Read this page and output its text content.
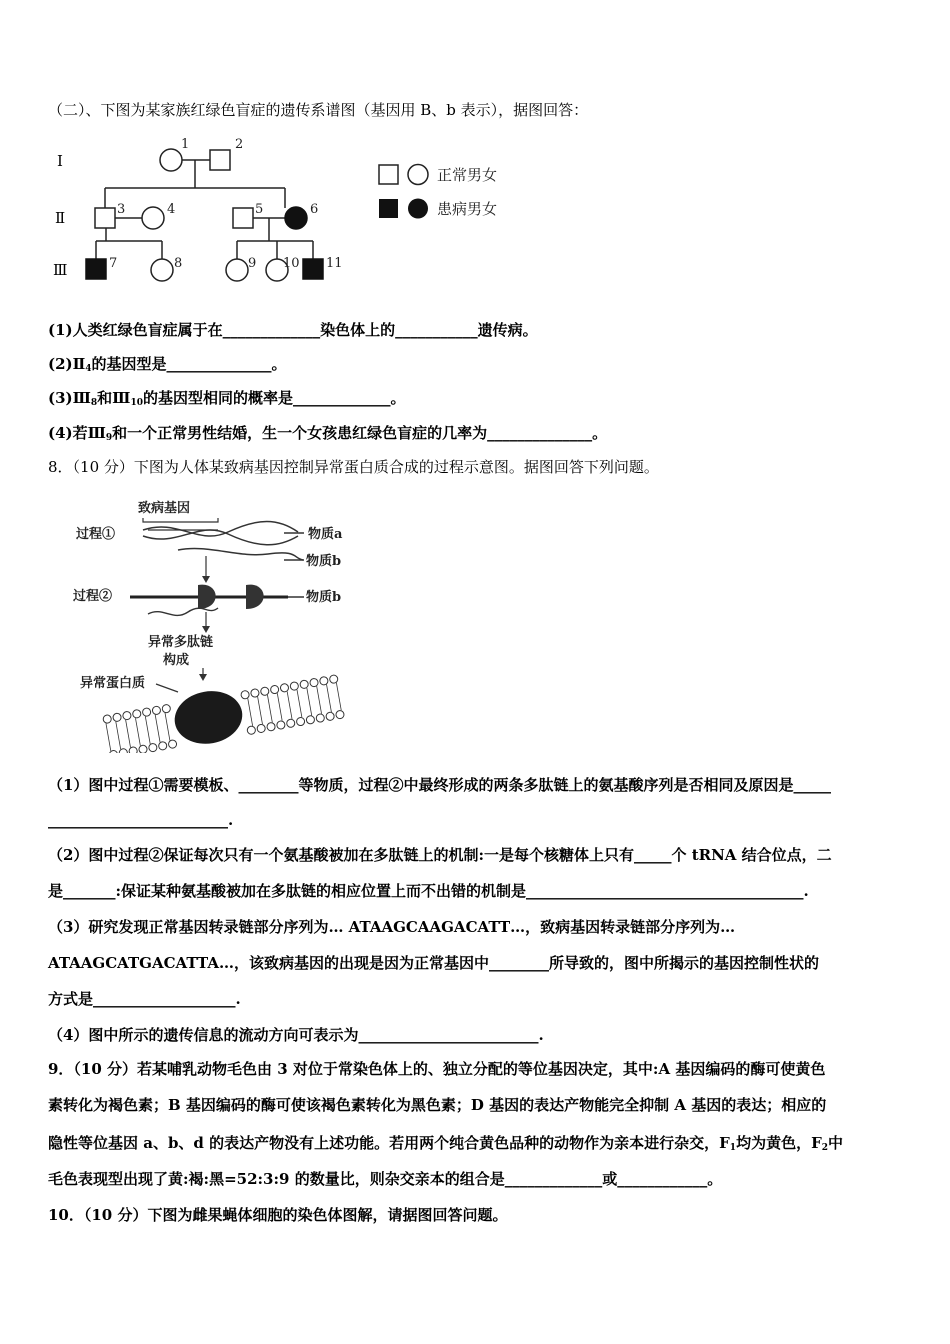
（二）、下图为某家族红绿色盲症的遗传系谱图（基因用 B、b 表示），据图回答：
Ⅰ
Ⅱ
Ⅲ
1	2
3	4	5	6
7	8	9 10 11
正常男女
患病男女
(1)人类红绿色盲症属于在_____________染色体上的___________遗传病。
$(2)Ⅱ_4$的基因型是______________。
$(3)Ⅲ_8$和$Ⅲ_{10}$的基因型相同的概率是_____________。
(4)若$Ⅲ_9$和一个正常男性结婚，生一个女孩患红绿色盲症的几率为______________。
8．（10 分）下图为人体某致病基因控制异常蛋白质合成的过程示意图。据图回答下列问题。
致病基因
过程①
过程②
物质a
物质b
物质b
异常多肽链
构成
异常蛋白质
（1）图中过程①需要模板、________等物质，过程②中最终形成的两条多肽链上的氨基酸序列是否相同及原因是_____
________________________.
（2）图中过程②保证每次只有一个氨基酸被加在多肽链上的机制:一是每个核糖体上只有_____个 tRNA 结合位点，二
是_______:保证某种氨基酸被加在多肽链的相应位置上而不出错的机制是_____________________________________.
（3）研究发现正常基因转录链部分序列为… ATAAGCAAGACATT…，致病基因转录链部分序列为…
ATAAGCATGACATTA…，该致病基因的出现是因为正常基因中________所导致的，图中所揭示的基因控制性状的
方式是___________________.
（4）图中所示的遗传信息的流动方向可表示为________________________.
9．（10 分）若某哺乳动物毛色由 3 对位于常染色体上的、独立分配的等位基因决定，其中:A 基因编码的酶可使黄色
素转化为褐色素；B 基因编码的酶可使该褐色素转化为黑色素；D 基因的表达产物能完全抑制 A 基因的表达；相应的
隐性等位基因 a、b、d 的表达产物没有上述功能。若用两个纯合黄色品种的动物作为亲本进行杂交，$F_1$均为黄色，$F_2$中
毛色表现型出现了黄:褐:黑=52:3:9 的数量比，则杂交亲本的组合是_____________或____________。
10．（10 分）下图为雌果蝇体细胞的染色体图解，请据图回答问题。
